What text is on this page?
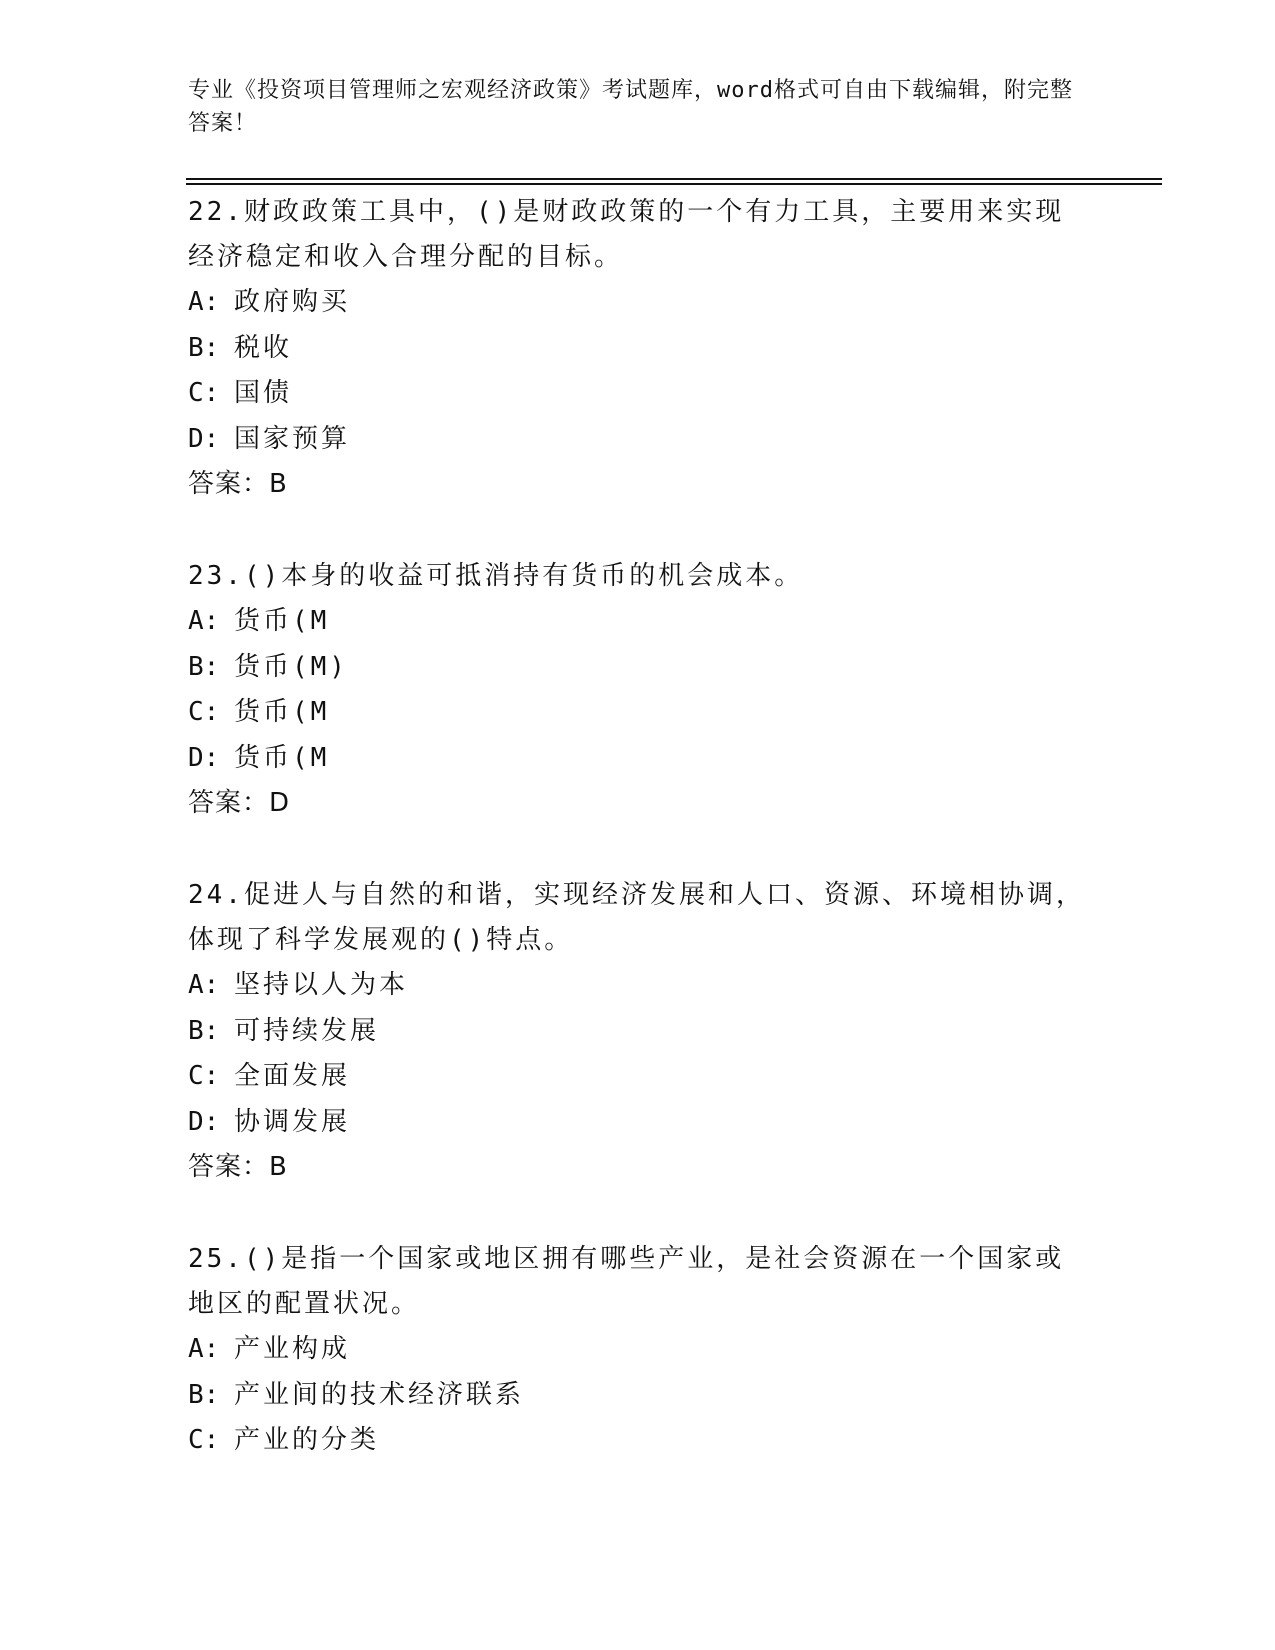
专业《投资项目管理师之宏观经济政策》考试题库，word格式可自由下载编辑，附完整答案！
22.财政政策工具中，()是财政政策的一个有力工具，主要用来实现经济稳定和收入合理分配的目标。
A: 政府购买
B: 税收
C: 国债
D: 国家预算
答案：B
23.()本身的收益可抵消持有货币的机会成本。
A: 货币(M
B: 货币(M)
C: 货币(M
D: 货币(M
答案：D
24.促进人与自然的和谐，实现经济发展和人口、资源、环境相协调，体现了科学发展观的()特点。
A: 坚持以人为本
B: 可持续发展
C: 全面发展
D: 协调发展
答案：B
25.()是指一个国家或地区拥有哪些产业，是社会资源在一个国家或地区的配置状况。
A: 产业构成
B: 产业间的技术经济联系
C: 产业的分类
